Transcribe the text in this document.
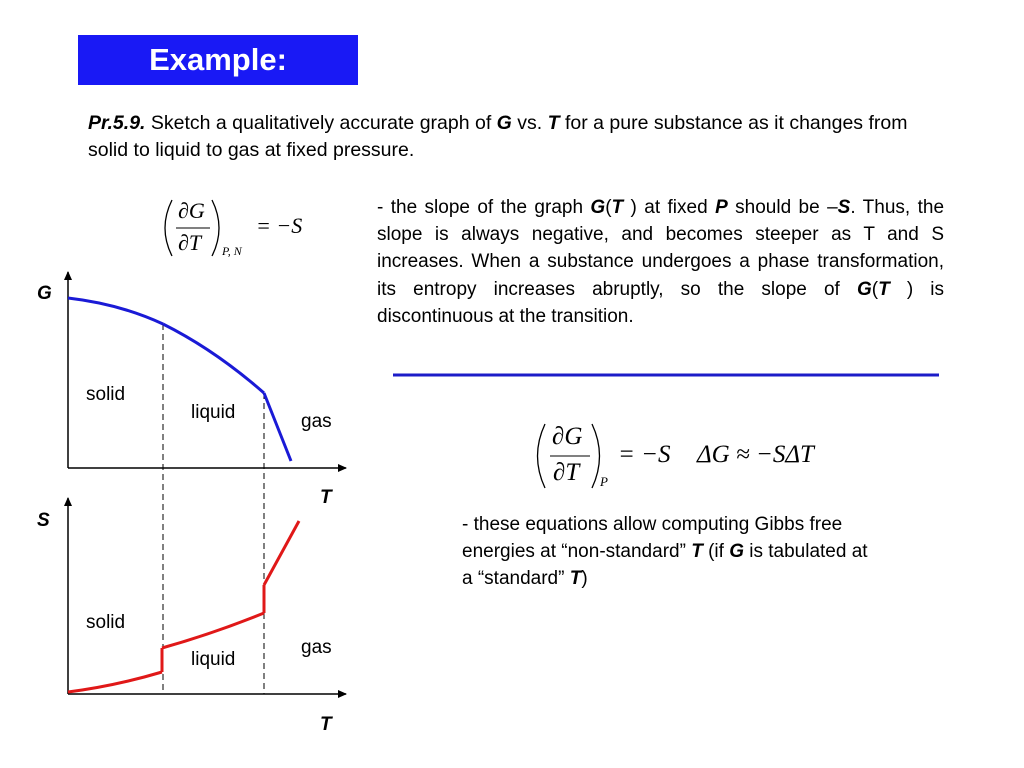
Example:
Pr.5.9. Sketch a qualitatively accurate graph of G vs. T for a pure substance as it changes from solid to liquid to gas at fixed pressure.
∂G
∂T P, N
= −S
- the slope of the graph G(T ) at fixed P should be –S. Thus, the slope is always negative, and becomes steeper as T and S increases. When a substance undergoes a phase transformation, its entropy increases abruptly, so the slope of G(T ) is discontinuous at the transition.
∂G
∂T P
= −S ΔG ≈ −SΔT
- these equations allow computing Gibbs free energies at “non-standard” T (if G is tabulated at a “standard” T)
G
T
solid
liquid	gas
S
T
solid
liquid
gas
